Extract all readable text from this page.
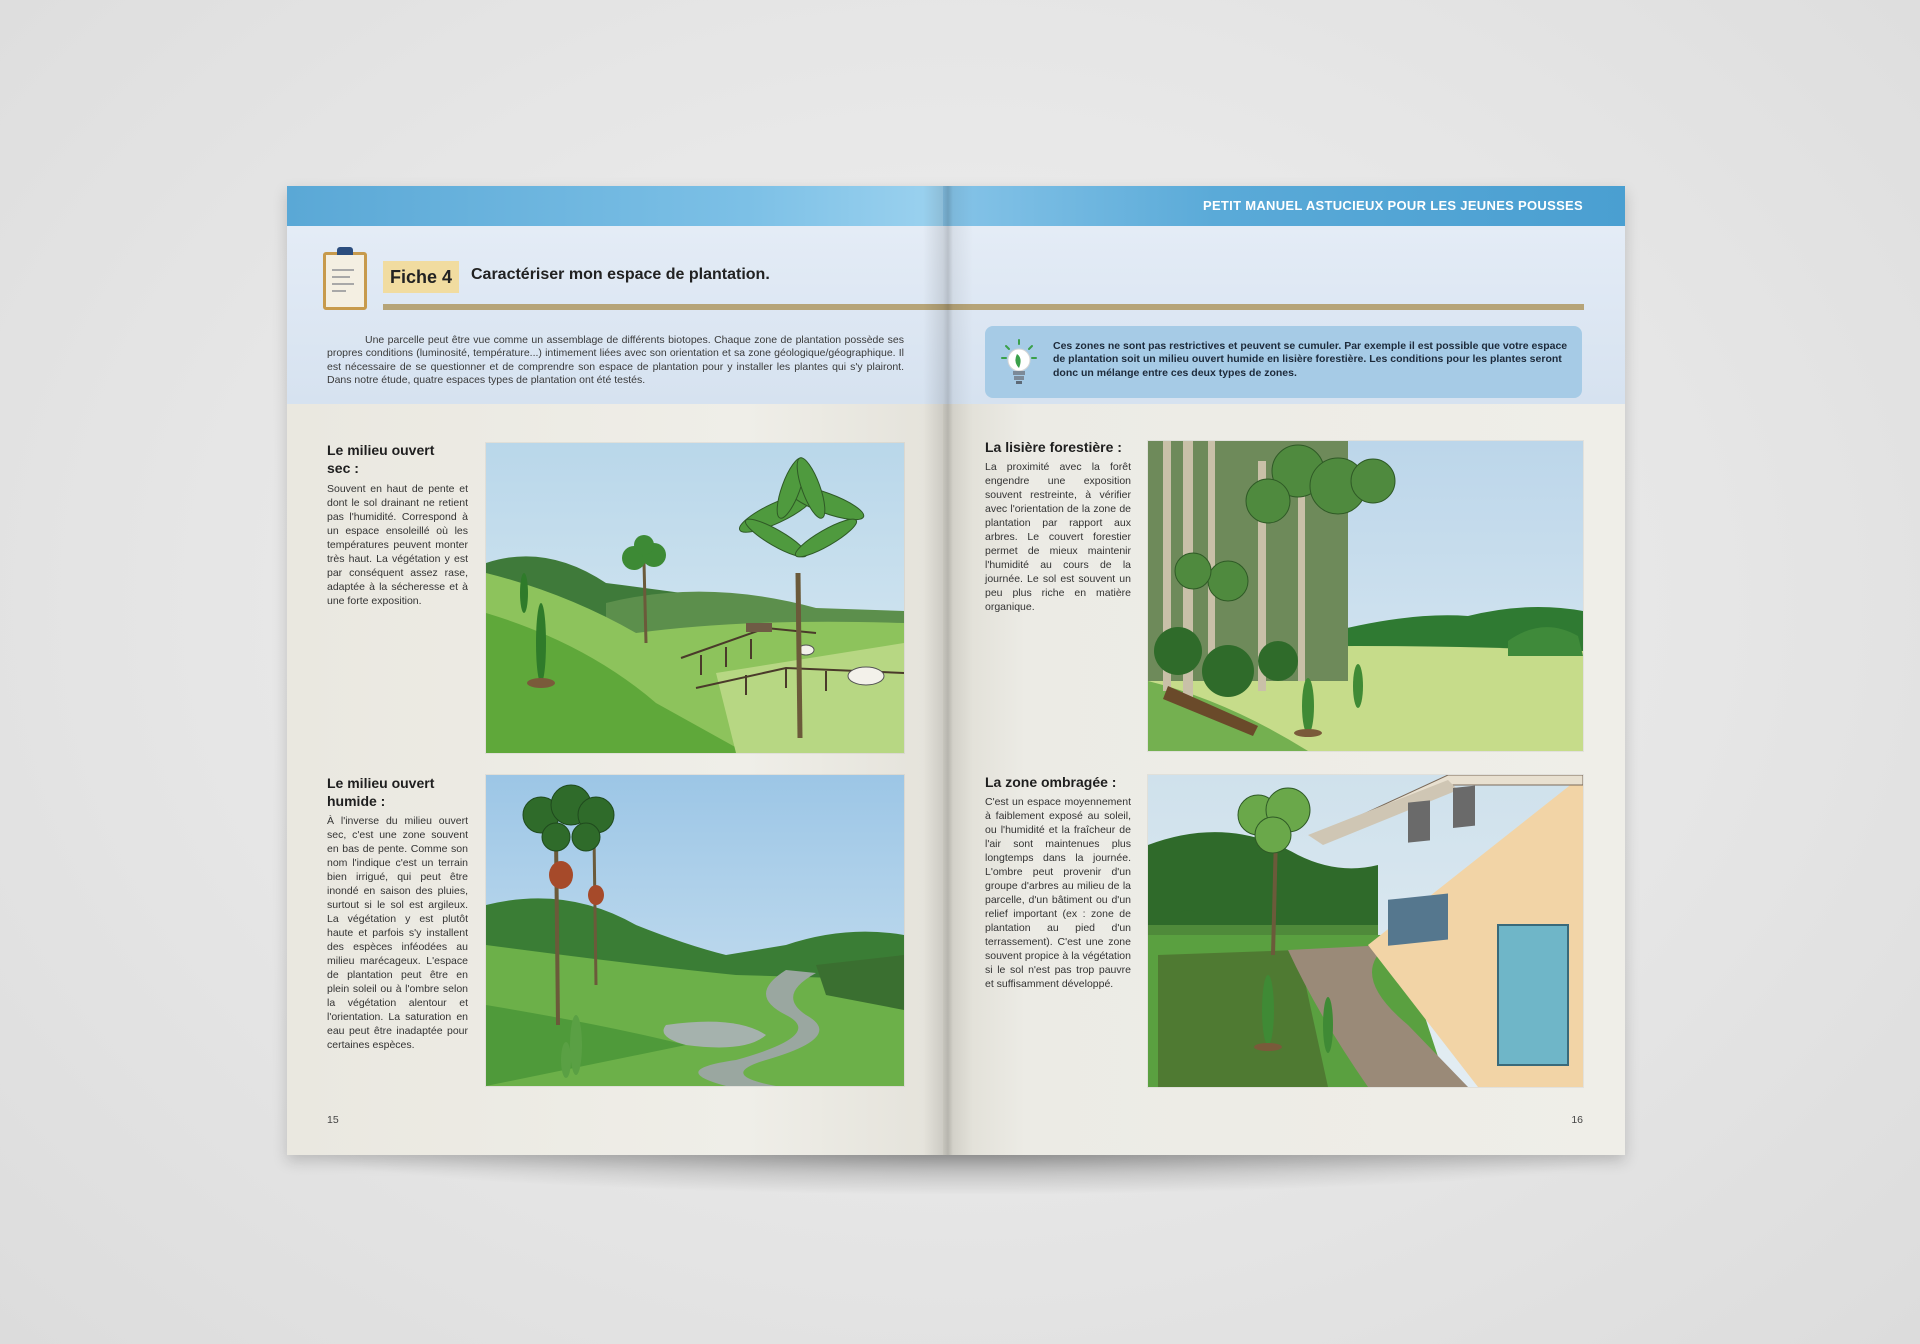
Fiche 4	Caractériser mon espace de plantation.

Une parcelle peut être vue comme un assemblage de différents biotopes. Chaque zone de plantation possède ses propres conditions (luminosité, température...) intimement liées avec son orientation et sa zone géologique/géographique. Il est nécessaire de se questionner et de comprendre son espace de plantation pour y installer les plantes qui s'y plairont. Dans notre étude, quatre espaces types de plantation ont été testés.

Le milieu ouvert sec :

Souvent en haut de pente et dont le sol drainant ne retient pas l'humidité. Correspond à un espace ensoleillé où les températures peuvent monter très haut. La végétation y est par conséquent assez rase, adaptée à la sécheresse et à une forte exposition.

Le milieu ouvert humide :

À l'inverse du milieu ouvert sec, c'est une zone souvent en bas de pente. Comme son nom l'indique c'est un terrain bien irrigué, qui peut être inondé en saison des pluies, surtout si le sol est argileux. La végétation y est plutôt haute et parfois s'y installent des espèces inféodées au milieu marécageux. L'espace de plantation peut être en plein soleil ou à l'ombre selon la végétation alentour et l'orientation. La saturation en eau peut être inadaptée pour certaines espèces.

15
PETIT MANUEL ASTUCIEUX POUR LES JEUNES POUSSES

Ces zones ne sont pas restrictives et peuvent se cumuler. Par exemple il est possible que votre espace de plantation soit un milieu ouvert humide en lisière forestière. Les conditions pour les plantes seront donc un mélange entre ces deux types de zones.

La lisière forestière :

La proximité avec la forêt engendre une exposition souvent restreinte, à vérifier avec l'orientation de la zone de plantation par rapport aux arbres. Le couvert forestier permet de mieux maintenir l'humidité au cours de la journée. Le sol est souvent un peu plus riche en matière organique.

La zone ombragée :

C'est un espace moyennement à faiblement exposé au soleil, ou l'humidité et la fraîcheur de l'air sont maintenues plus longtemps dans la journée. L'ombre peut provenir d'un groupe d'arbres au milieu de la parcelle, d'un bâtiment ou d'un relief important (ex : zone de plantation au pied d'un terrassement). C'est une zone souvent propice à la végétation si le sol n'est pas trop pauvre et suffisamment développé.

16
